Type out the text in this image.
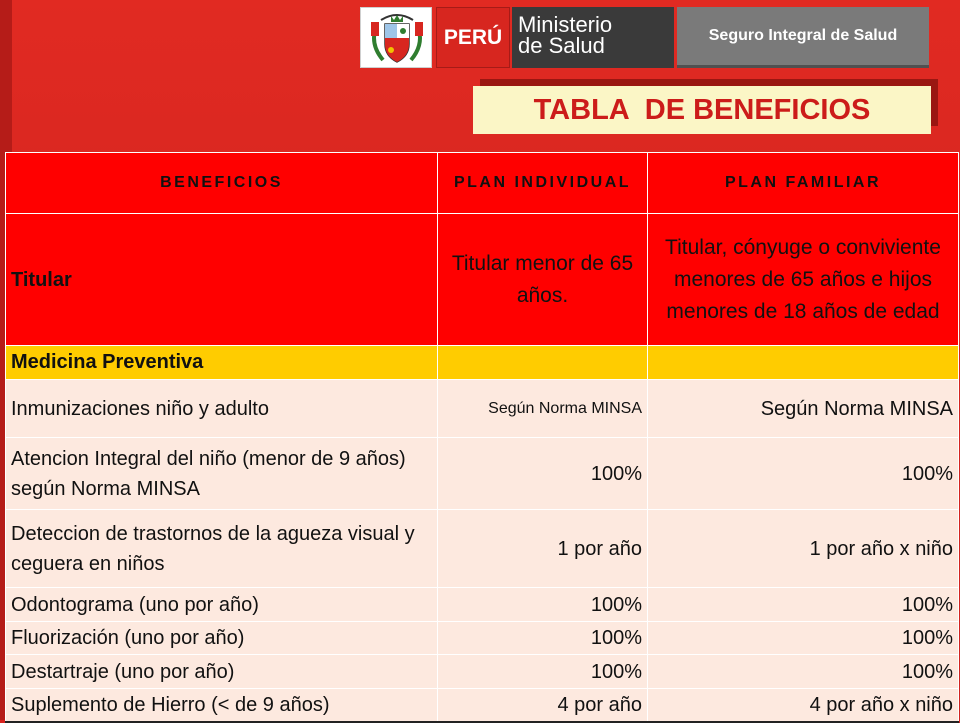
PERÚ Ministerio
de Salud	Seguro Integral de Salud
TABLA  DE BENEFICIOS
BENEFICIOS	PLAN INDIVIDUAL	PLAN FAMILIAR
Titular	Titular menor de 65 años.	Titular, cónyuge o conviviente menores de 65 años e hijos menores de 18 años de edad
Medicina Preventiva		
Inmunizaciones niño y adulto	Según Norma MINSA	Según Norma MINSA
Atencion Integral del niño (menor de 9 años) según Norma MINSA	100%	100%
Deteccion de trastornos de la agueza visual y ceguera en niños	1 por año	1 por año x niño
Odontograma (uno por año)	100%	100%
Fluorización (uno por año)	100%	100%
Destartraje (uno por año)	100%	100%
Suplemento de Hierro (< de 9 años)	4 por año	4 por año x niño
